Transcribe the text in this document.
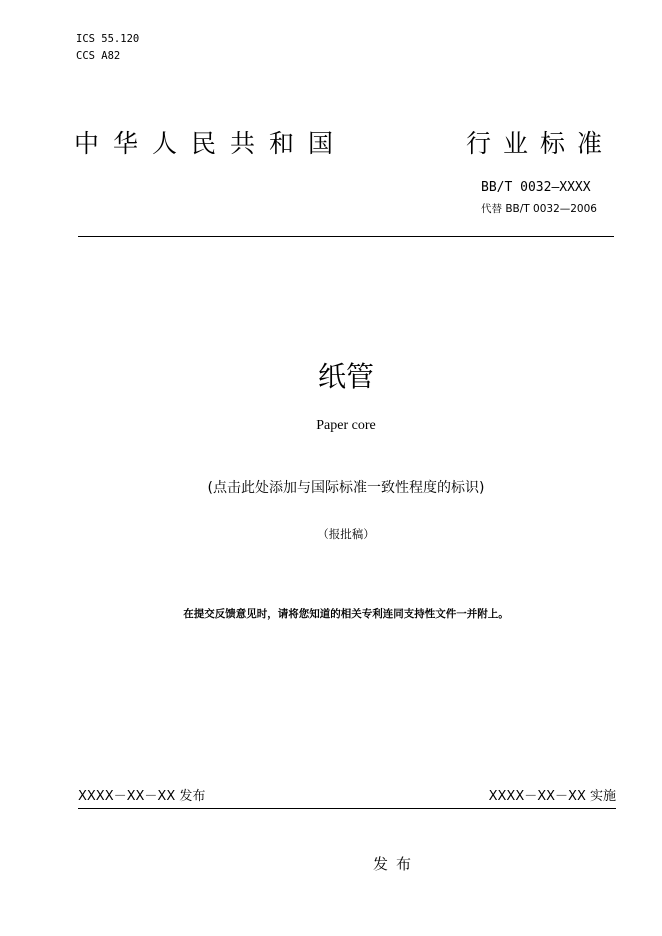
ICS 55.120
CCS A82
中华人民共和国	行业标准
BB/T 0032—XXXX
代替 BB/T 0032—2006
纸管
Paper core
(点击此处添加与国际标准一致性程度的标识)
（报批稿）
在提交反馈意见时，请将您知道的相关专利连同支持性文件一并附上。
XXXX－XX－XX 发布	XXXX－XX－XX 实施
发布
